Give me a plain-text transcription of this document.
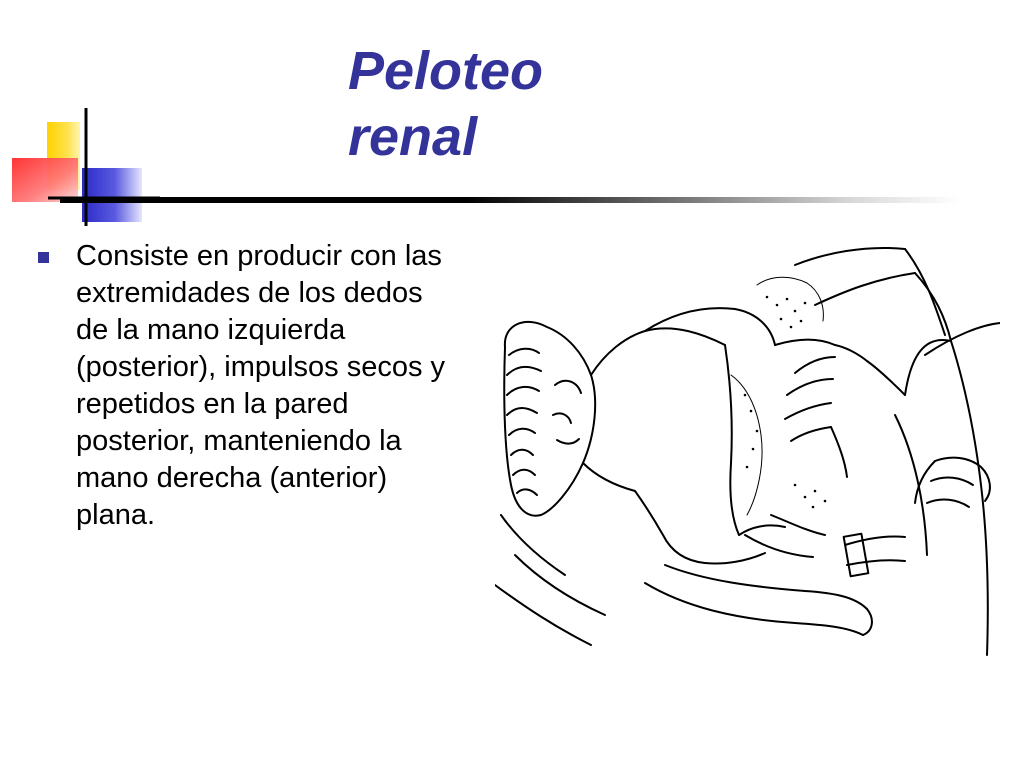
Peloteo
renal
Consiste en producir con las extremidades de los dedos de la mano izquierda (posterior), impulsos secos y repetidos en la pared posterior, manteniendo la mano derecha (anterior) plana.
